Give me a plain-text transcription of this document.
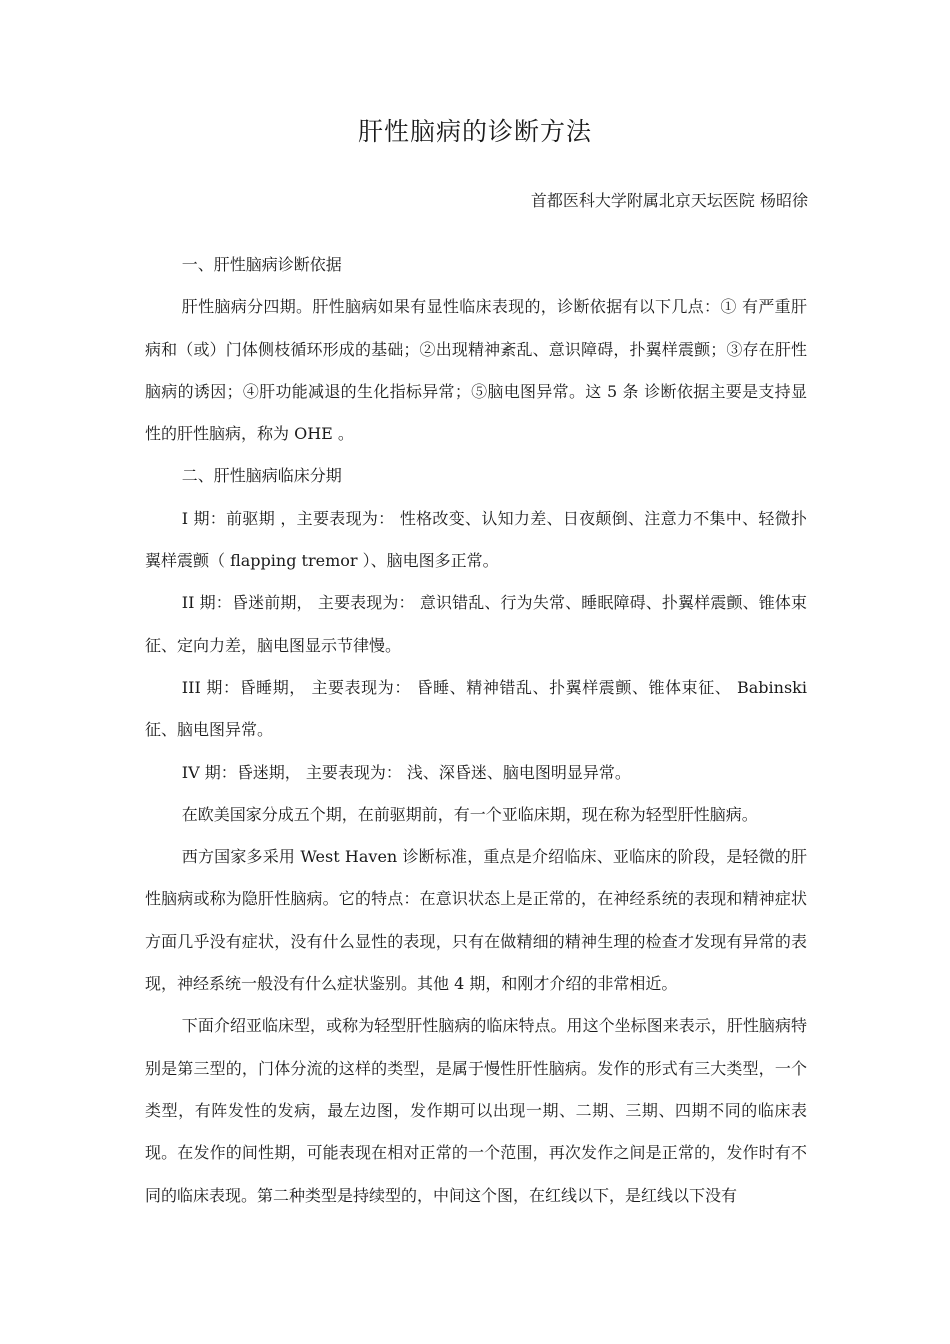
肝性脑病的诊断方法
首都医科大学附属北京天坛医院 杨昭徐

一、肝性脑病诊断依据

肝性脑病分四期。肝性脑病如果有显性临床表现的，诊断依据有以下几点：① 有严重肝病和（或）门体侧枝循环形成的基础；②出现精神紊乱、意识障碍，扑翼样震颤；③存在肝性脑病的诱因；④肝功能减退的生化指标异常；⑤脑电图异常。这 5 条 诊断依据主要是支持显性的肝性脑病，称为 OHE 。

二、肝性脑病临床分期

I 期：前驱期 ，主要表现为： 性格改变、认知力差、日夜颠倒、注意力不集中、轻微扑翼样震颤（ flapping tremor ）、脑电图多正常。

II 期：昏迷前期， 主要表现为： 意识错乱、行为失常、睡眠障碍、扑翼样震颤、锥体束征、定向力差，脑电图显示节律慢。

III 期：昏睡期， 主要表现为： 昏睡、精神错乱、扑翼样震颤、锥体束征、 Babinski 征、脑电图异常。

IV 期：昏迷期， 主要表现为： 浅、深昏迷、脑电图明显异常。

在欧美国家分成五个期，在前驱期前，有一个亚临床期，现在称为轻型肝性脑病。

西方国家多采用 West Haven 诊断标准，重点是介绍临床、亚临床的阶段，是轻微的肝性脑病或称为隐肝性脑病。它的特点：在意识状态上是正常的，在神经系统的表现和精神症状方面几乎没有症状，没有什么显性的表现，只有在做精细的精神生理的检查才发现有异常的表现，神经系统一般没有什么症状鉴别。其他 4 期，和刚才介绍的非常相近。

下面介绍亚临床型，或称为轻型肝性脑病的临床特点。用这个坐标图来表示，肝性脑病特别是第三型的，门体分流的这样的类型，是属于慢性肝性脑病。发作的形式有三大类型，一个类型，有阵发性的发病，最左边图，发作期可以出现一期、二期、三期、四期不同的临床表现。在发作的间性期，可能表现在相对正常的一个范围，再次发作之间是正常的，发作时有不同的临床表现。第二种类型是持续型的，中间这个图，在红线以下，是红线以下没有
